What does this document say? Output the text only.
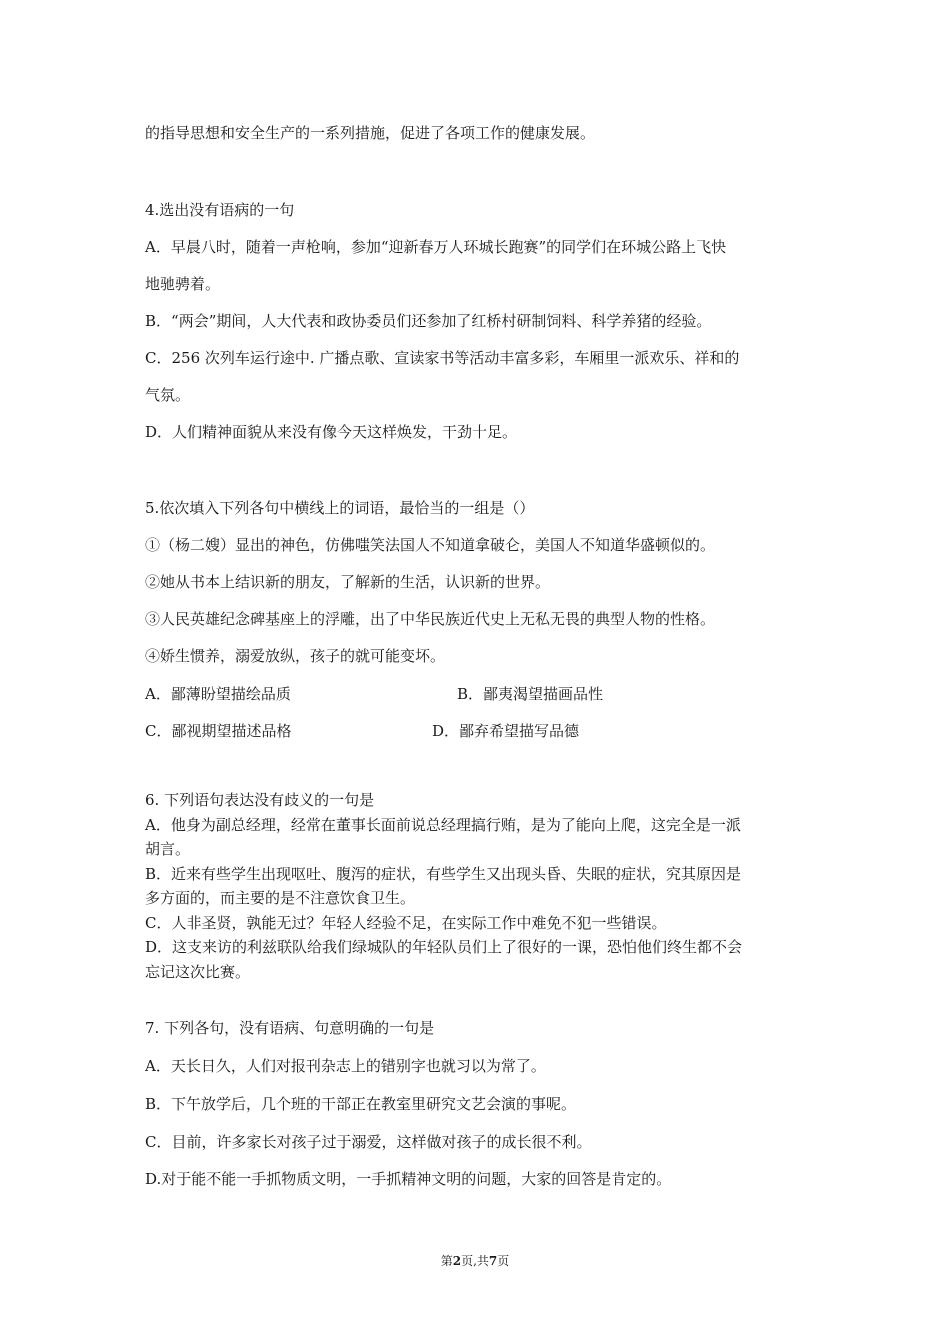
的指导思想和安全生产的一系列措施，促进了各项工作的健康发展。
4.选出没有语病的一句
A．早晨八时，随着一声枪响，参加“迎新春万人环城长跑赛”的同学们在环城公路上飞快
地驰骋着。
B．“两会”期间，人大代表和政协委员们还参加了红桥村研制饲料、科学养猪的经验。
C．256 次列车运行途中. 广播点歌、宣读家书等活动丰富多彩，车厢里一派欢乐、祥和的
气氛。
D．人们精神面貌从来没有像今天这样焕发，干劲十足。
5.依次填入下列各句中横线上的词语，最恰当的一组是（）
①（杨二嫂）显出的神色，仿佛嗤笑法国人不知道拿破仑，美国人不知道华盛顿似的。
②她从书本上结识新的朋友，了解新的生活，认识新的世界。
③人民英雄纪念碑基座上的浮雕，出了中华民族近代史上无私无畏的典型人物的性格。
④娇生惯养，溺爱放纵，孩子的就可能变坏。
A．鄙薄盼望描绘品质	B．鄙夷渴望描画品性
C．鄙视期望描述品格	D．鄙弃希望描写品德
6. 下列语句表达没有歧义的一句是
A．他身为副总经理，经常在董事长面前说总经理搞行贿，是为了能向上爬，这完全是一派
胡言。
B．近来有些学生出现呕吐、腹泻的症状，有些学生又出现头昏、失眠的症状，究其原因是
多方面的，而主要的是不注意饮食卫生。
C．人非圣贤，孰能无过？年轻人经验不足，在实际工作中难免不犯一些错误。
D．这支来访的利兹联队给我们绿城队的年轻队员们上了很好的一课，恐怕他们终生都不会
忘记这次比赛。
7. 下列各句，没有语病、句意明确的一句是
A．天长日久，人们对报刊杂志上的错别字也就习以为常了。
B．下午放学后，几个班的干部正在教室里研究文艺会演的事呢。
C．目前，许多家长对孩子过于溺爱，这样做对孩子的成长很不利。
D.对于能不能一手抓物质文明，一手抓精神文明的问题，大家的回答是肯定的。
第2页,共7页
